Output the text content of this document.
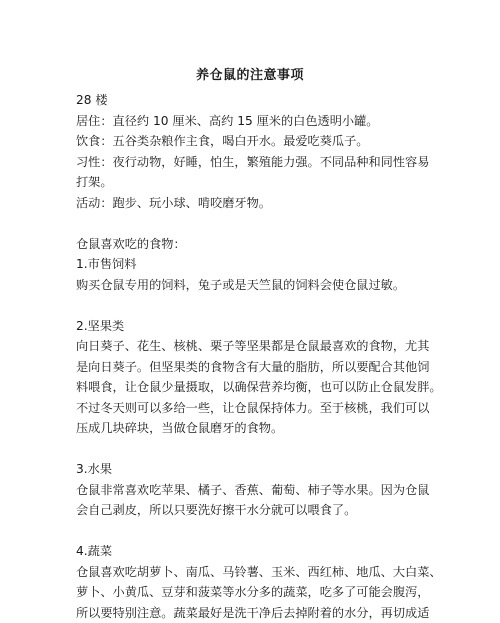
养仓鼠的注意事项
28 楼
居住：直径约 10 厘米、高约 15 厘米的白色透明小罐。
饮食：五谷类杂粮作主食，喝白开水。最爱吃葵瓜子。
习性：夜行动物，好睡，怕生，繁殖能力强。不同品种和同性容易
打架。
活动：跑步、玩小球、啃咬磨牙物。
仓鼠喜欢吃的食物：
1.市售饲料
购买仓鼠专用的饲料，兔子或是天竺鼠的饲料会使仓鼠过敏。
2.坚果类
向日葵子、花生、核桃、栗子等坚果都是仓鼠最喜欢的食物，尤其
是向日葵子。但坚果类的食物含有大量的脂肪，所以要配合其他饲
料喂食，让仓鼠少量摄取，以确保营养均衡，也可以防止仓鼠发胖。
不过冬天则可以多给一些，让仓鼠保持体力。至于核桃，我们可以
压成几块碎块，当做仓鼠磨牙的食物。
3.水果
仓鼠非常喜欢吃苹果、橘子、香蕉、葡萄、柿子等水果。因为仓鼠
会自己剥皮，所以只要洗好擦干水分就可以喂食了。
4.蔬菜
仓鼠喜欢吃胡萝卜、南瓜、马铃薯、玉米、西红柿、地瓜、大白菜、
萝卜、小黄瓜、豆芽和菠菜等水分多的蔬菜，吃多了可能会腹泻，
所以要特别注意。蔬菜最好是洗干净后去掉附着的水分，再切成适
